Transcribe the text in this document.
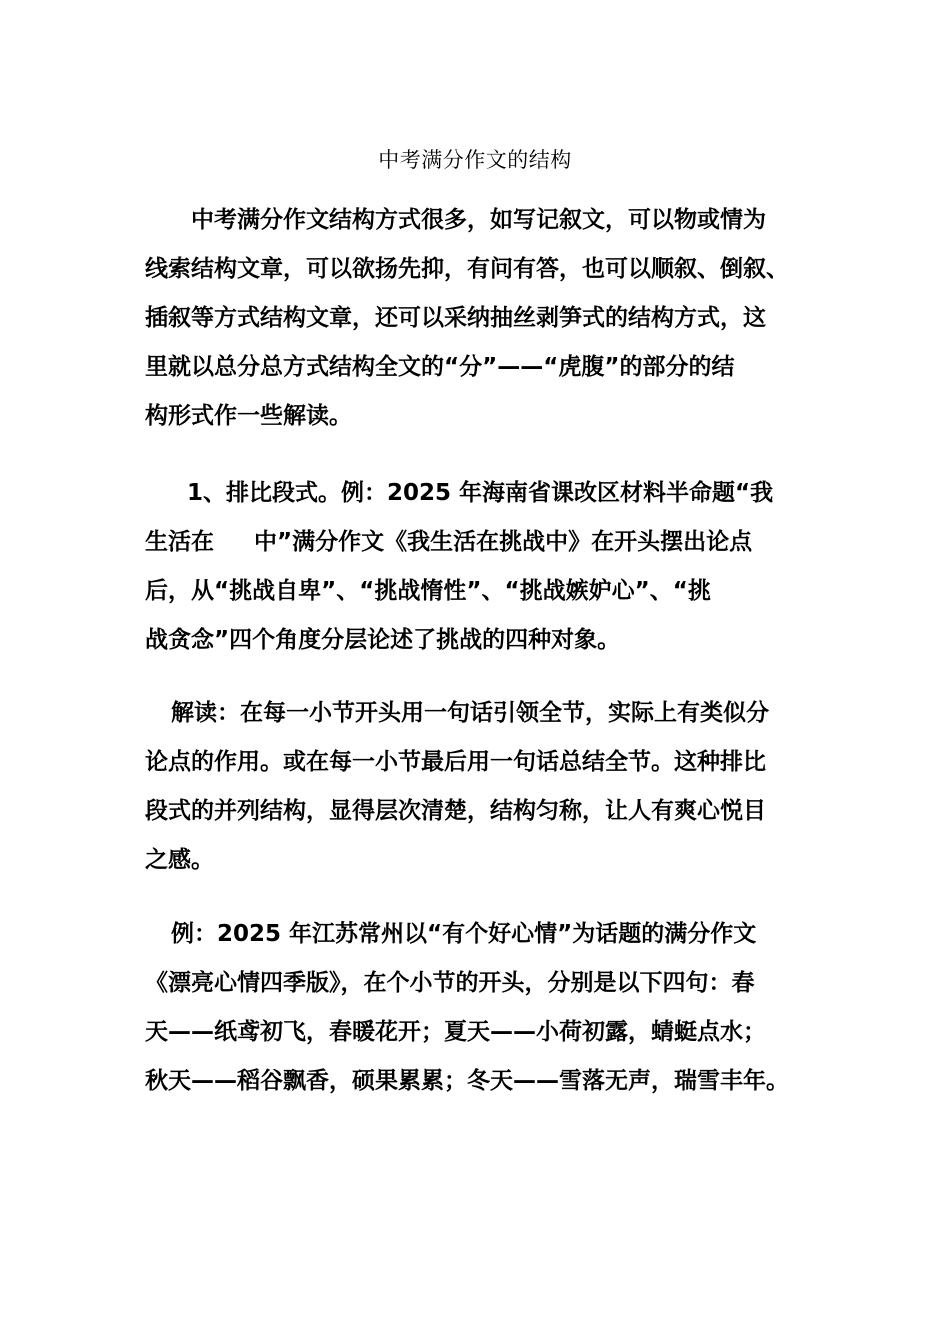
中考满分作文的结构
中考满分作文结构方式很多，如写记叙文，可以物或情为
线索结构文章，可以欲扬先抑，有问有答，也可以顺叙、倒叙、
插叙等方式结构文章，还可以采纳抽丝剥笋式的结构方式，这
里就以总分总方式结构全文的“分”——“虎腹”的部分的结
构形式作一些解读。
1、排比段式。例：2025 年海南省课改区材料半命题“我
生活在 中”满分作文《我生活在挑战中》在开头摆出论点
后，从“挑战自卑”、“挑战惰性”、“挑战嫉妒心”、“挑
战贪念”四个角度分层论述了挑战的四种对象。
解读：在每一小节开头用一句话引领全节，实际上有类似分
论点的作用。或在每一小节最后用一句话总结全节。这种排比
段式的并列结构，显得层次清楚，结构匀称，让人有爽心悦目
之感。
例：2025 年江苏常州以“有个好心情”为话题的满分作文
《漂亮心情四季版》，在个小节的开头，分别是以下四句：春
天——纸鸢初飞，春暖花开；夏天——小荷初露，蜻蜓点水；
秋天——稻谷飘香，硕果累累；冬天——雪落无声，瑞雪丰年。
